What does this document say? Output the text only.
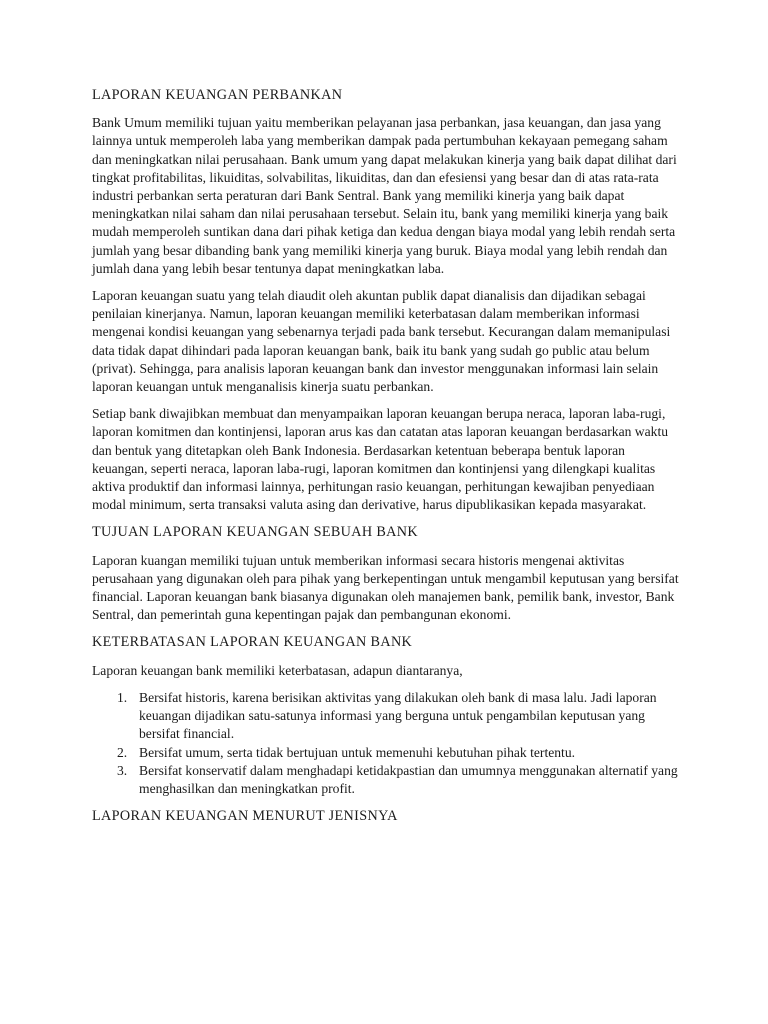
LAPORAN KEUANGAN PERBANKAN

Bank Umum memiliki tujuan yaitu memberikan pelayanan jasa perbankan, jasa keuangan, dan jasa yang lainnya untuk memperoleh laba yang memberikan dampak pada pertumbuhan kekayaan pemegang saham dan meningkatkan nilai perusahaan. Bank umum yang dapat melakukan kinerja yang baik dapat dilihat dari tingkat profitabilitas, likuiditas, solvabilitas, likuiditas, dan dan efesiensi yang besar dan di atas rata-rata industri perbankan serta peraturan dari Bank Sentral. Bank yang memiliki kinerja yang baik dapat meningkatkan nilai saham dan nilai perusahaan tersebut. Selain itu, bank yang memiliki kinerja yang baik mudah memperoleh suntikan dana dari pihak ketiga dan kedua dengan biaya modal yang lebih rendah serta jumlah yang besar dibanding bank yang memiliki kinerja yang buruk. Biaya modal yang lebih rendah dan jumlah dana yang lebih besar tentunya dapat meningkatkan laba.

Laporan keuangan suatu yang telah diaudit oleh akuntan publik dapat dianalisis dan dijadikan sebagai penilaian kinerjanya. Namun, laporan keuangan memiliki keterbatasan dalam memberikan informasi mengenai kondisi keuangan yang sebenarnya terjadi pada bank tersebut. Kecurangan dalam memanipulasi data tidak dapat dihindari pada laporan keuangan bank, baik itu bank yang sudah go public atau belum (privat). Sehingga, para analisis laporan keuangan bank dan investor menggunakan informasi lain selain laporan keuangan untuk menganalisis kinerja suatu perbankan.

Setiap bank diwajibkan membuat dan menyampaikan laporan keuangan berupa neraca, laporan laba-rugi, laporan komitmen dan kontinjensi, laporan arus kas dan catatan atas laporan keuangan berdasarkan waktu dan bentuk yang ditetapkan oleh Bank Indonesia. Berdasarkan ketentuan beberapa bentuk laporan keuangan, seperti neraca, laporan laba-rugi, laporan komitmen dan kontinjensi yang dilengkapi kualitas aktiva produktif dan informasi lainnya, perhitungan rasio keuangan, perhitungan kewajiban penyediaan modal minimum, serta transaksi valuta asing dan derivative, harus dipublikasikan kepada masyarakat.

TUJUAN LAPORAN KEUANGAN SEBUAH BANK

Laporan kuangan memiliki tujuan untuk memberikan informasi secara historis mengenai aktivitas perusahaan yang digunakan oleh para pihak yang berkepentingan untuk mengambil keputusan yang bersifat financial. Laporan keuangan bank biasanya digunakan oleh manajemen bank, pemilik bank, investor, Bank Sentral, dan pemerintah guna kepentingan pajak dan pembangunan ekonomi.

KETERBATASAN LAPORAN KEUANGAN BANK

Laporan keuangan bank memiliki keterbatasan, adapun diantaranya,

1. Bersifat historis, karena berisikan aktivitas yang dilakukan oleh bank di masa lalu. Jadi laporan keuangan dijadikan satu-satunya informasi yang berguna untuk pengambilan keputusan yang bersifat financial.
2. Bersifat umum, serta tidak bertujuan untuk memenuhi kebutuhan pihak tertentu.
3. Bersifat konservatif dalam menghadapi ketidakpastian dan umumnya menggunakan alternatif yang menghasilkan dan meningkatkan profit.
LAPORAN KEUANGAN MENURUT JENISNYA
